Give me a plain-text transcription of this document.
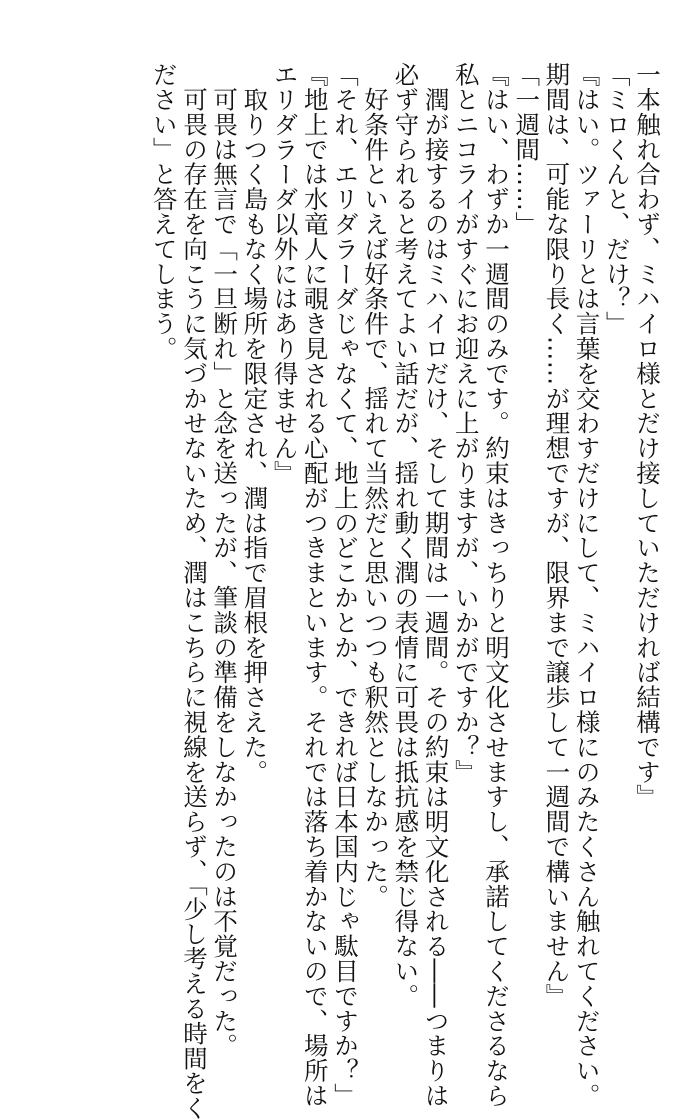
一本触れ合わず、ミハイロ様とだけ接していただければ結構です』
「ミロくんと、だけ？」
『はい。ツァーリとは言葉を交わすだけにして、ミハイロ様にのみたくさん触れてください。
期間は、可能な限り長く……が理想ですが、限界まで譲歩して一週間で構いません』
「一週間……」
『はい、わずか一週間のみです。約束はきっちりと明文化させますし、承諾してくださるなら
私とニコライがすぐにお迎えに上がりますが、いかがですか？』
　潤が接するのはミハイロだけ、そして期間は一週間。その約束は明文化される――つまりは
必ず守られると考えてよい話だが、揺れ動く潤の表情に可畏は抵抗感を禁じ得ない。
　好条件といえば好条件で、揺れて当然だと思いつつも釈然としなかった。
「それ、エリダラーダじゃなくて、地上のどこかとか、できれば日本国内じゃ駄目ですか？」
『地上では水竜人に覗き見される心配がつきまといます。それでは落ち着かないので、場所は
エリダラーダ以外にはあり得ません』
　取りつく島もなく場所を限定され、潤は指で眉根を押さえた。
　可畏は無言で「一旦断れ」と念を送ったが、筆談の準備をしなかったのは不覚だった。
　可畏の存在を向こうに気づかせないため、潤はこちらに視線を送らず、「少し考える時間をく
ださい」と答えてしまう。
